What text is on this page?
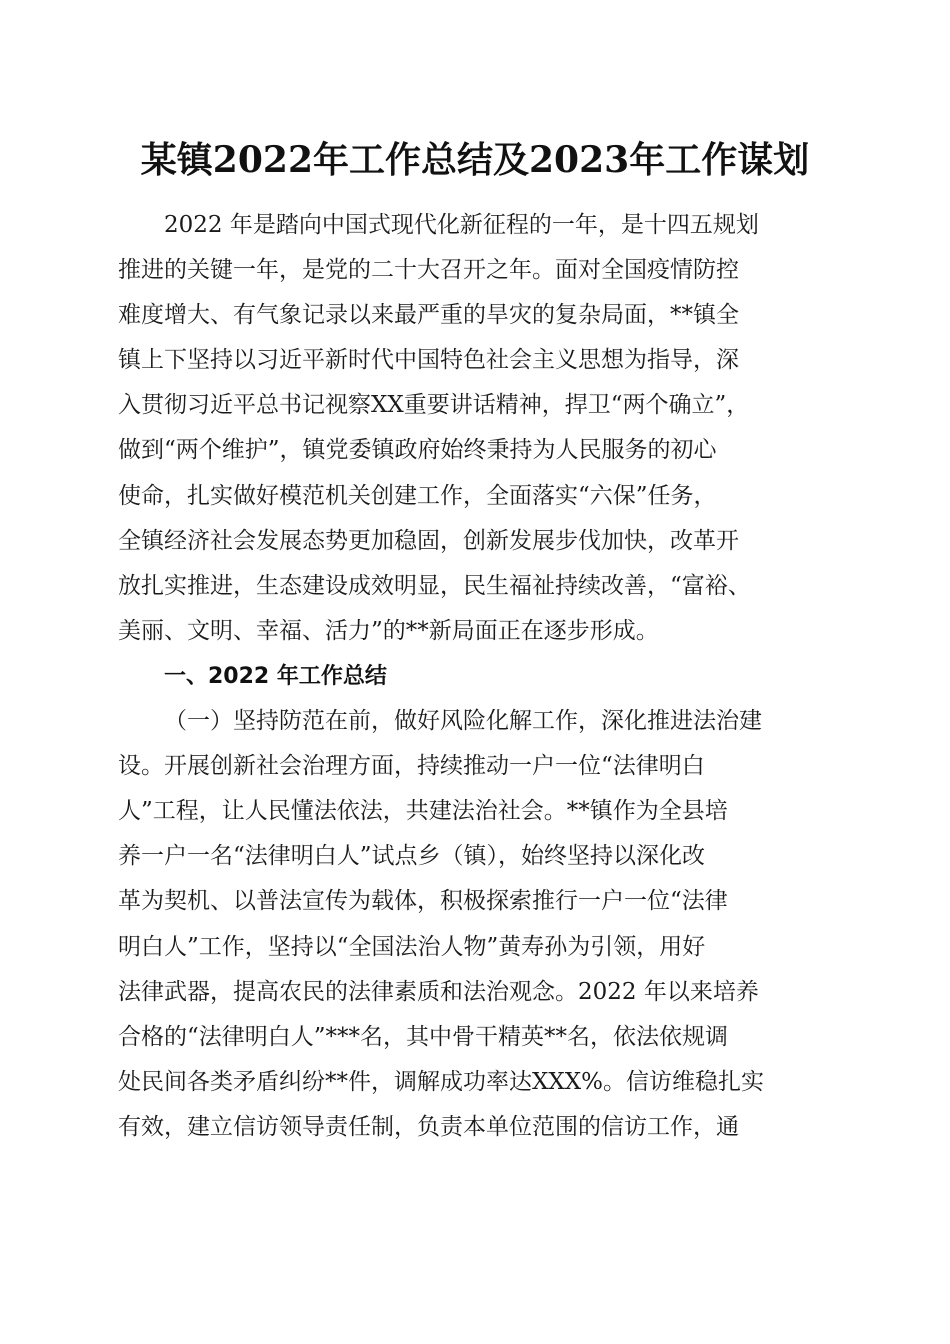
某镇2022年工作总结及2023年工作谋划
2022 年是踏向中国式现代化新征程的一年，是十四五规划
推进的关键一年，是党的二十大召开之年。面对全国疫情防控
难度增大、有气象记录以来最严重的旱灾的复杂局面，**镇全
镇上下坚持以习近平新时代中国特色社会主义思想为指导，深
入贯彻习近平总书记视察XX重要讲话精神，捍卫“两个确立”，
做到“两个维护”，镇党委镇政府始终秉持为人民服务的初心
使命，扎实做好模范机关创建工作，全面落实“六保”任务，
全镇经济社会发展态势更加稳固，创新发展步伐加快，改革开
放扎实推进，生态建设成效明显，民生福祉持续改善，“富裕、
美丽、文明、幸福、活力”的**新局面正在逐步形成。
一、2022 年工作总结
（一）坚持防范在前，做好风险化解工作，深化推进法治建
设。开展创新社会治理方面，持续推动一户一位“法律明白
人”工程，让人民懂法依法，共建法治社会。**镇作为全县培
养一户一名“法律明白人”试点乡（镇），始终坚持以深化改
革为契机、以普法宣传为载体，积极探索推行一户一位“法律
明白人”工作，坚持以“全国法治人物”黄寿孙为引领，用好
法律武器，提高农民的法律素质和法治观念。2022 年以来培养
合格的“法律明白人”***名，其中骨干精英**名，依法依规调
处民间各类矛盾纠纷**件，调解成功率达XXX%。信访维稳扎实
有效，建立信访领导责任制，负责本单位范围的信访工作，通
